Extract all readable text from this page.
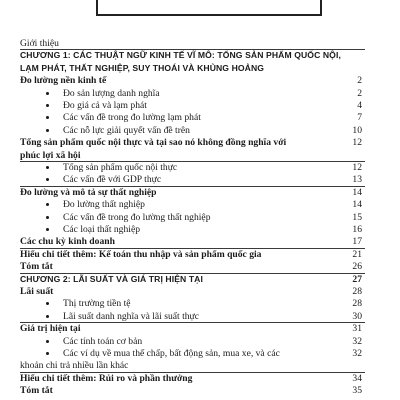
Giới thiệu
CHƯƠNG 1: CÁC THUẬT NGỮ KINH TẾ VĨ MÔ: TỔNG SẢN PHẨM QUỐC NỘI,
LẠM PHÁT, THẤT NGHIỆP, SUY THOÁI VÀ KHỦNG HOẢNG
Đo lường nền kinh tế	2
Đo sản lượng danh nghĩa	2
Đo giá cả và lạm phát	4
Các vấn đề trong đo lường lạm phát	7
Các nỗ lực giải quyết vấn đề trên	10
Tổng sản phẩm quốc nội thực và tại sao nó không đồng nghĩa với	12
phúc lợi xã hội
Tổng sản phẩm quốc nội thực	12
Các vấn đề với GDP thực	13
Đo lường và mô tả sự thất nghiệp	14
Đo lường thất nghiệp	14
Các vấn đề trong đo lường thất nghiệp	15
Các loại thất nghiệp	16
Các chu kỳ kinh doanh	17
Hiểu chi tiết thêm: Kế toán thu nhập và sản phẩm quốc gia	21
Tóm tắt	26
CHƯƠNG 2: LÃI SUẤT VÀ GIÁ TRỊ HIỆN TẠI	27
Lãi suất	28
Thị trường tiền tệ	28
Lãi suất danh nghĩa và lãi suất thực	30
Giá trị hiện tại	31
Các tính toán cơ bản	32
Các ví dụ về mua thế chấp, bất động sản, mua xe, và các	32
khoản chi trả nhiều lần khác
Hiểu chi tiết thêm: Rủi ro và phần thưởng	34
Tóm tắt	35
